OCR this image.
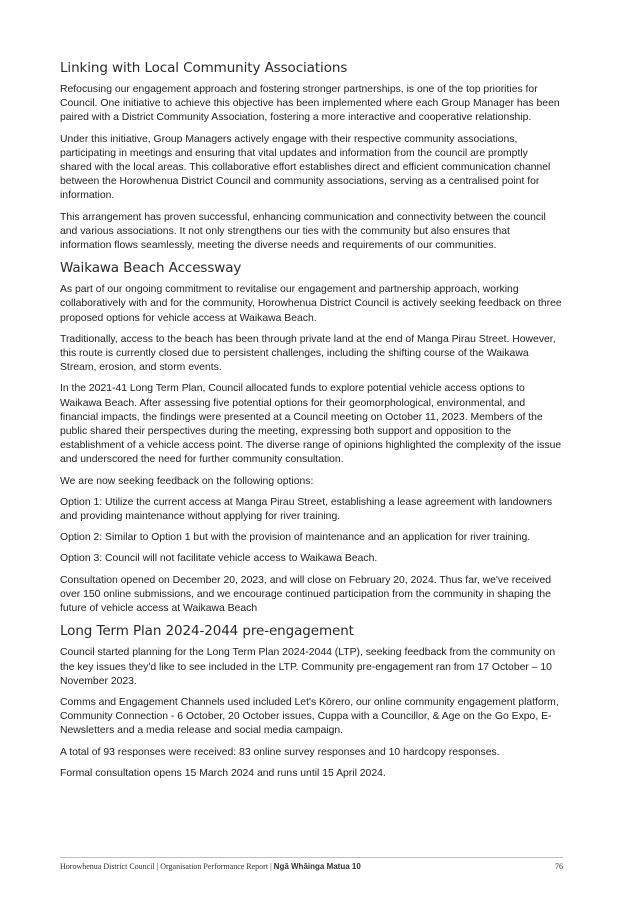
Linking with Local Community Associations

Refocusing our engagement approach and fostering stronger partnerships, is one of the top priorities for Council. One initiative to achieve this objective has been implemented where each Group Manager has been paired with a District Community Association, fostering a more interactive and cooperative relationship.

Under this initiative, Group Managers actively engage with their respective community associations, participating in meetings and ensuring that vital updates and information from the council are promptly shared with the local areas. This collaborative effort establishes direct and efficient communication channel between the Horowhenua District Council and community associations, serving as a centralised point for information.

This arrangement has proven successful, enhancing communication and connectivity between the council and various associations. It not only strengthens our ties with the community but also ensures that information flows seamlessly, meeting the diverse needs and requirements of our communities.

Waikawa Beach Accessway

As part of our ongoing commitment to revitalise our engagement and partnership approach, working collaboratively with and for the community, Horowhenua District Council is actively seeking feedback on three proposed options for vehicle access at Waikawa Beach.

Traditionally, access to the beach has been through private land at the end of Manga Pirau Street. However, this route is currently closed due to persistent challenges, including the shifting course of the Waikawa Stream, erosion, and storm events.

In the 2021-41 Long Term Plan, Council allocated funds to explore potential vehicle access options to Waikawa Beach. After assessing five potential options for their geomorphological, environmental, and financial impacts, the findings were presented at a Council meeting on October 11, 2023. Members of the public shared their perspectives during the meeting, expressing both support and opposition to the establishment of a vehicle access point. The diverse range of opinions highlighted the complexity of the issue and underscored the need for further community consultation.

We are now seeking feedback on the following options:

Option 1: Utilize the current access at Manga Pirau Street, establishing a lease agreement with landowners and providing maintenance without applying for river training.

Option 2: Similar to Option 1 but with the provision of maintenance and an application for river training.

Option 3: Council will not facilitate vehicle access to Waikawa Beach.

Consultation opened on December 20, 2023, and will close on February 20, 2024. Thus far, we've received over 150 online submissions, and we encourage continued participation from the community in shaping the future of vehicle access at Waikawa Beach

Long Term Plan 2024-2044 pre-engagement

Council started planning for the Long Term Plan 2024-2044 (LTP), seeking feedback from the community on the key issues they'd like to see included in the LTP. Community pre-engagement ran from 17 October – 10 November 2023.

Comms and Engagement Channels used included Let's Kōrero, our online community engagement platform, Community Connection - 6 October, 20 October issues, Cuppa with a Councillor, & Age on the Go Expo, E-Newsletters and a media release and social media campaign.

A total of 93 responses were received: 83 online survey responses and 10 hardcopy responses.

Formal consultation opens 15 March 2024 and runs until 15 April 2024.

Horowhenua District Council | Organisation Performance Report | Ngā Whāinga Matua 10	76
